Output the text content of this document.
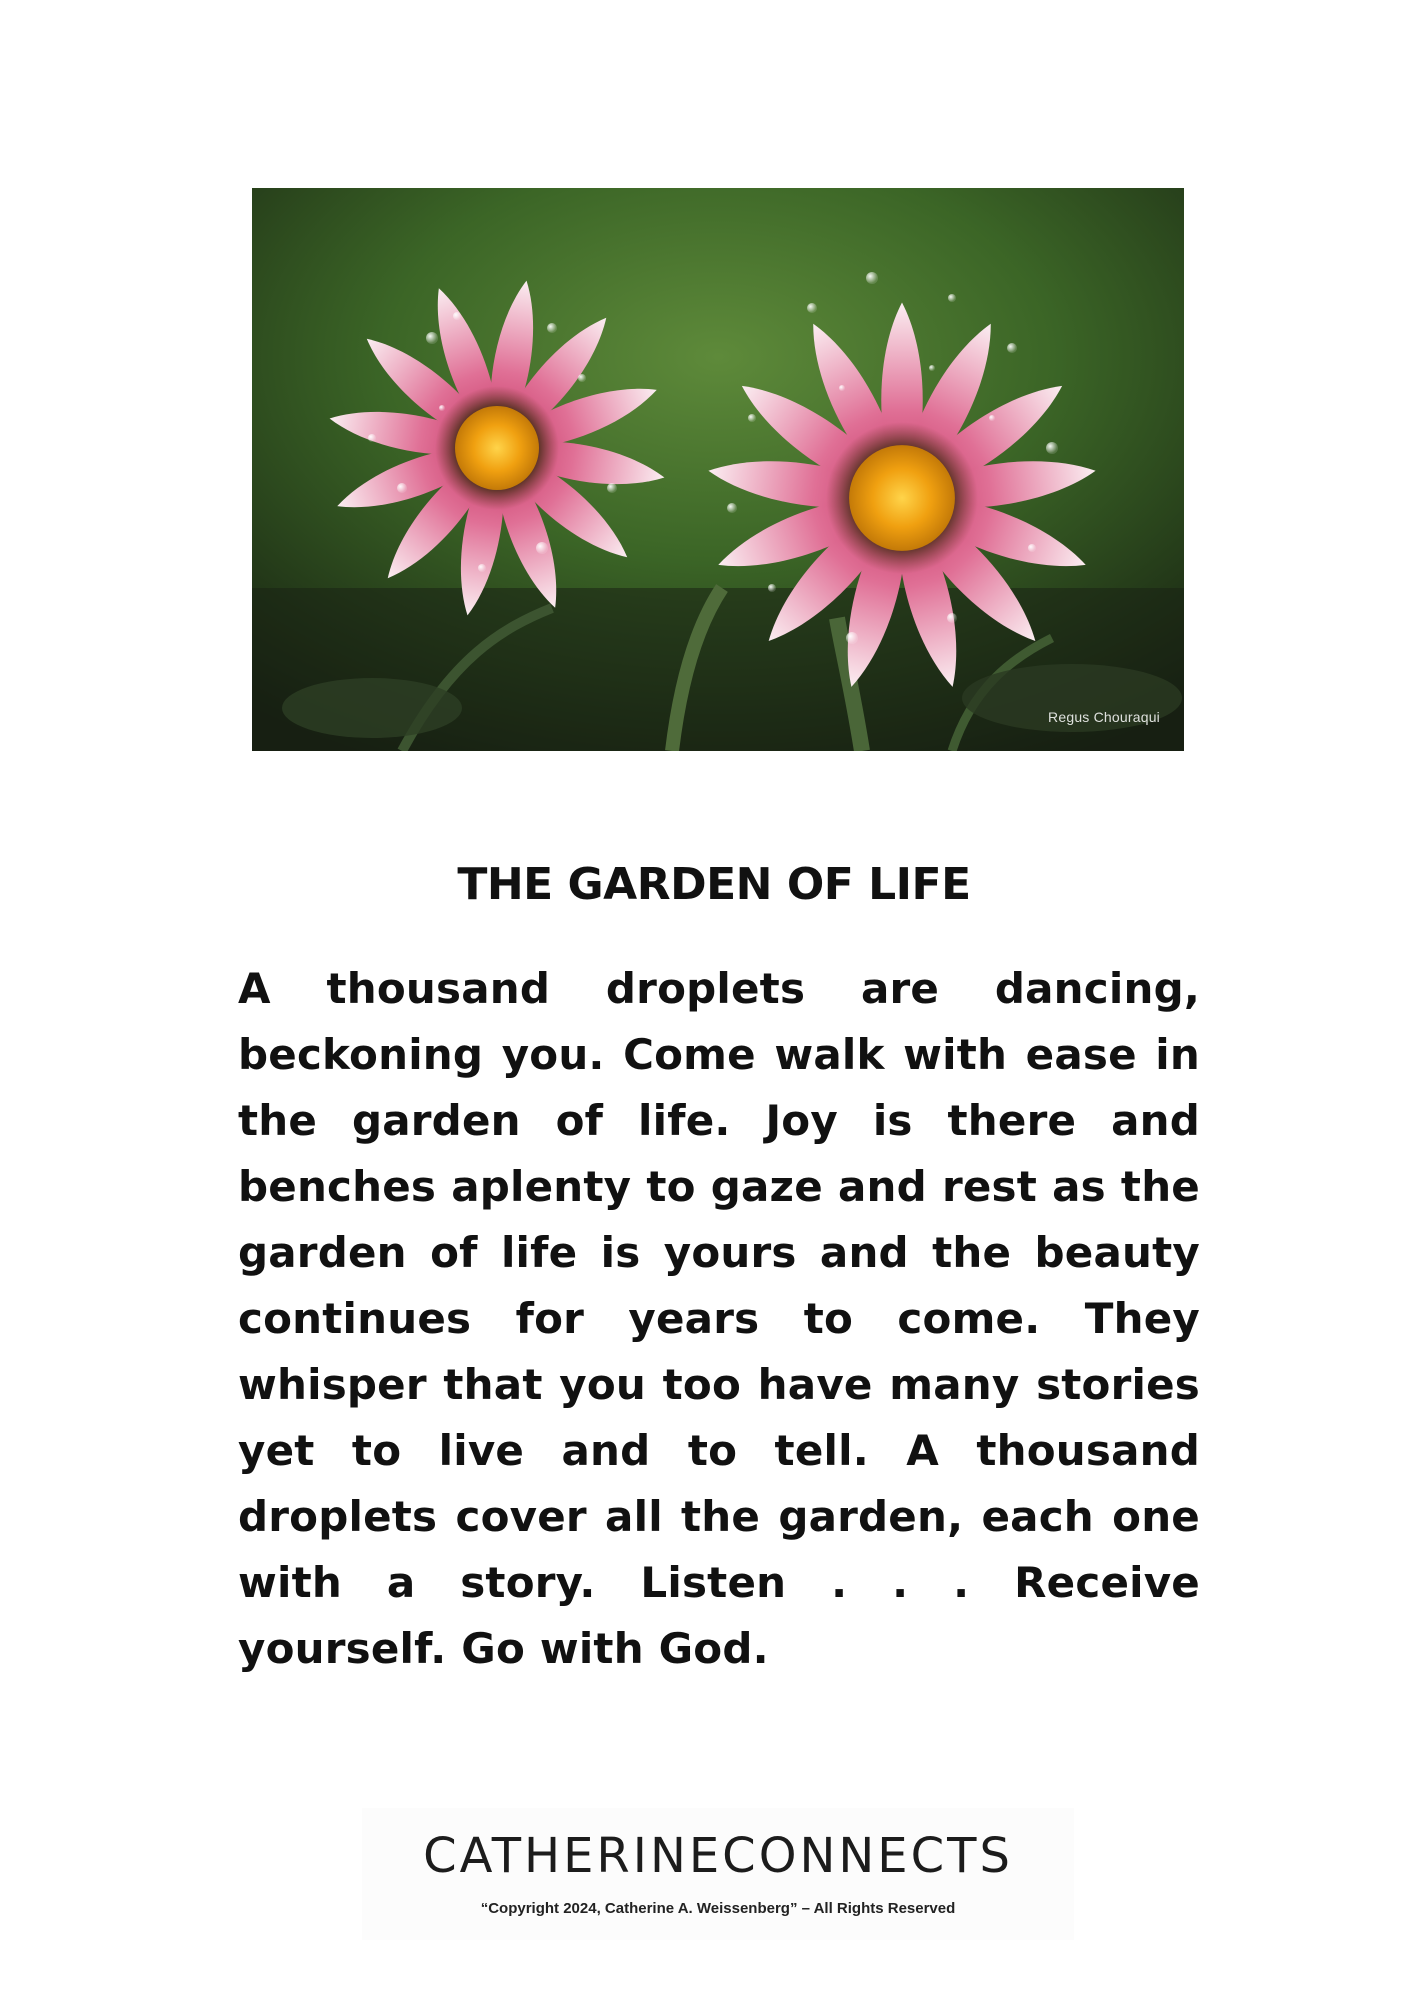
Regus Chouraqui
THE GARDEN OF LIFE

A thousand droplets are dancing, beckoning you. Come walk with ease in the garden of life. Joy is there and benches aplenty to gaze and rest as the garden of life is yours and the beauty continues for years to come. They whisper that you too have many stories yet to live and to tell. A thousand droplets cover all the garden, each one with a story. Listen . . . Receive yourself. Go with God.

CATHERINECONNECTS
“Copyright 2024, Catherine A. Weissenberg” – All Rights Reserved
